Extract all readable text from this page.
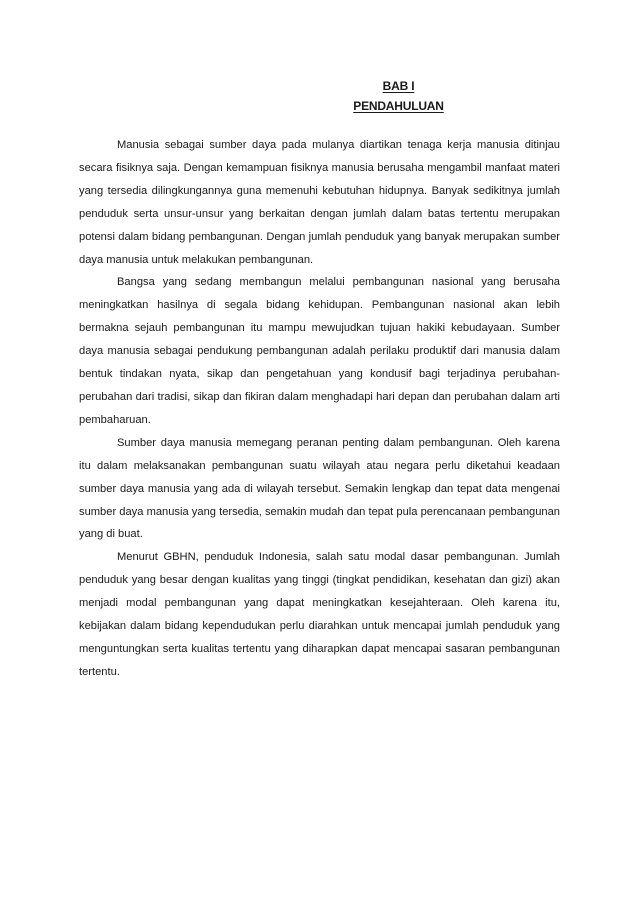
BAB I
PENDAHULUAN

Manusia sebagai sumber daya pada mulanya diartikan tenaga kerja manusia ditinjau secara fisiknya saja. Dengan kemampuan fisiknya manusia berusaha mengambil manfaat materi yang tersedia dilingkungannya guna memenuhi kebutuhan hidupnya. Banyak sedikitnya jumlah penduduk serta unsur-unsur yang berkaitan dengan jumlah dalam batas tertentu merupakan potensi dalam bidang pembangunan. Dengan jumlah penduduk yang banyak merupakan sumber daya manusia untuk melakukan pembangunan.

Bangsa yang sedang membangun melalui pembangunan nasional yang berusaha meningkatkan hasilnya di segala bidang kehidupan. Pembangunan nasional akan lebih bermakna sejauh pembangunan itu mampu mewujudkan tujuan hakiki kebudayaan. Sumber daya manusia sebagai pendukung pembangunan adalah perilaku produktif dari manusia dalam bentuk tindakan nyata, sikap dan pengetahuan yang kondusif bagi terjadinya perubahan-perubahan dari tradisi, sikap dan fikiran dalam menghadapi hari depan dan perubahan dalam arti pembaharuan.

Sumber daya manusia memegang peranan penting dalam pembangunan. Oleh karena itu dalam melaksanakan pembangunan suatu wilayah atau negara perlu diketahui keadaan sumber daya manusia yang ada di wilayah tersebut. Semakin lengkap dan tepat data mengenai sumber daya manusia yang tersedia, semakin mudah dan tepat pula perencanaan pembangunan yang di buat.

Menurut GBHN, penduduk Indonesia, salah satu modal dasar pembangunan. Jumlah penduduk yang besar dengan kualitas yang tinggi (tingkat pendidikan, kesehatan dan gizi) akan menjadi modal pembangunan yang dapat meningkatkan kesejahteraan. Oleh karena itu, kebijakan dalam bidang kependudukan perlu diarahkan untuk mencapai jumlah penduduk yang menguntungkan serta kualitas tertentu yang diharapkan dapat mencapai sasaran pembangunan tertentu.
